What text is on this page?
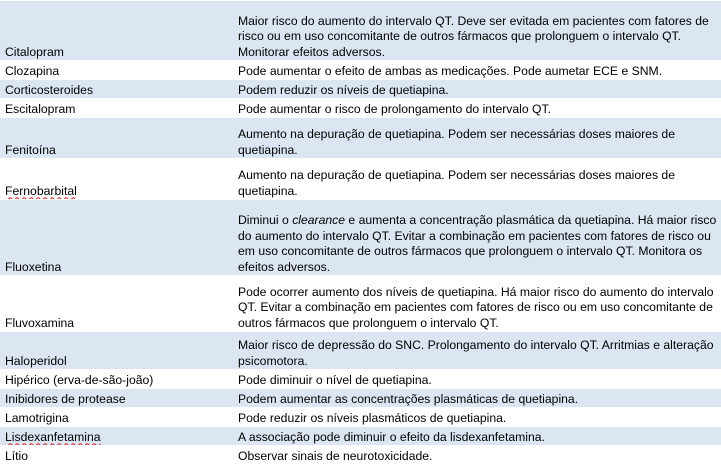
Citalopram	Maior risco do aumento do intervalo QT. Deve ser evitada em pacientes com fatores de risco ou em uso concomitante de outros fármacos que prolonguem o intervalo QT. Monitorar efeitos adversos.
Clozapina	Pode aumentar o efeito de ambas as medicações. Pode aumetar ECE e SNM.
Corticosteroides	Podem reduzir os níveis de quetiapina.
Escitalopram	Pode aumentar o risco de prolongamento do intervalo QT.
Fenitoína	Aumento na depuração de quetiapina. Podem ser necessárias doses maiores de quetiapina.
Fernobarbital	Aumento na depuração de quetiapina. Podem ser necessárias doses maiores de quetiapina.
Fluoxetina	Diminui o clearance e aumenta a concentração plasmática da quetiapina. Há maior risco do aumento do intervalo QT. Evitar a combinação em pacientes com fatores de risco ou em uso concomitante de outros fármacos que prolonguem o intervalo QT. Monitora os efeitos adversos.
Fluvoxamina	Pode ocorrer aumento dos níveis de quetiapina. Há maior risco do aumento do intervalo QT. Evitar a combinação em pacientes com fatores de risco ou em uso concomitante de outros fármacos que prolonguem o intervalo QT.
Haloperidol	Maior risco de depressão do SNC. Prolongamento do intervalo QT. Arritmias e alteração psicomotora.
Hipérico (erva-de-são-joão)	Pode diminuir o nível de quetiapina.
Inibidores de protease	Podem aumentar as concentrações plasmáticas de quetiapina.
Lamotrigina	Pode reduzir os níveis plasmáticos de quetiapina.
Lisdexanfetamina	A associação pode diminuir o efeito da lisdexanfetamina.
Lítio	Observar sinais de neurotoxicidade.
